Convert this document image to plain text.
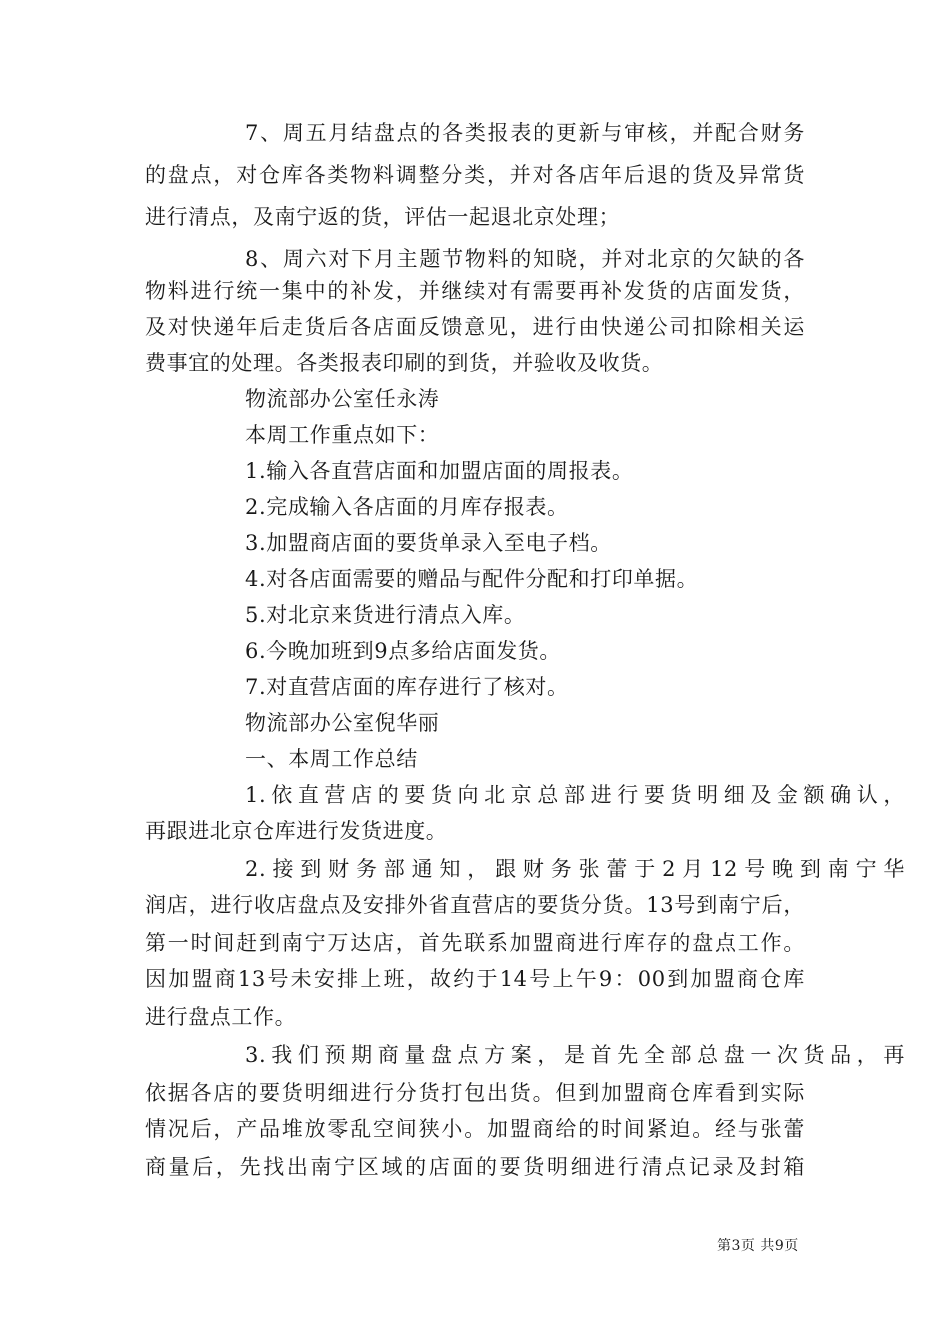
7、周五月结盘点的各类报表的更新与审核，并配合财务
的盘点，对仓库各类物料调整分类，并对各店年后退的货及异常货
进行清点，及南宁返的货，评估一起退北京处理；
8、周六对下月主题节物料的知晓，并对北京的欠缺的各
物料进行统一集中的补发，并继续对有需要再补发货的店面发货，
及对快递年后走货后各店面反馈意见，进行由快递公司扣除相关运
费事宜的处理。各类报表印刷的到货，并验收及收货。
物流部办公室任永涛
本周工作重点如下：
1.输入各直营店面和加盟店面的周报表。
2.完成输入各店面的月库存报表。
3.加盟商店面的要货单录入至电子档。
4.对各店面需要的赠品与配件分配和打印单据。
5.对北京来货进行清点入库。
6.今晚加班到9点多给店面发货。
7.对直营店面的库存进行了核对。
物流部办公室倪华丽
一、本周工作总结
1.依直营店的要货向北京总部进行要货明细及金额确认，
再跟进北京仓库进行发货进度。
2.接到财务部通知，跟财务张蕾于2月12号晚到南宁华
润店，进行收店盘点及安排外省直营店的要货分货。13号到南宁后，
第一时间赶到南宁万达店，首先联系加盟商进行库存的盘点工作。
因加盟商13号未安排上班，故约于14号上午9：00到加盟商仓库
进行盘点工作。
3.我们预期商量盘点方案，是首先全部总盘一次货品，再
依据各店的要货明细进行分货打包出货。但到加盟商仓库看到实际
情况后，产品堆放零乱空间狭小。加盟商给的时间紧迫。经与张蕾
商量后，先找出南宁区域的店面的要货明细进行清点记录及封箱
第3页 共9页
